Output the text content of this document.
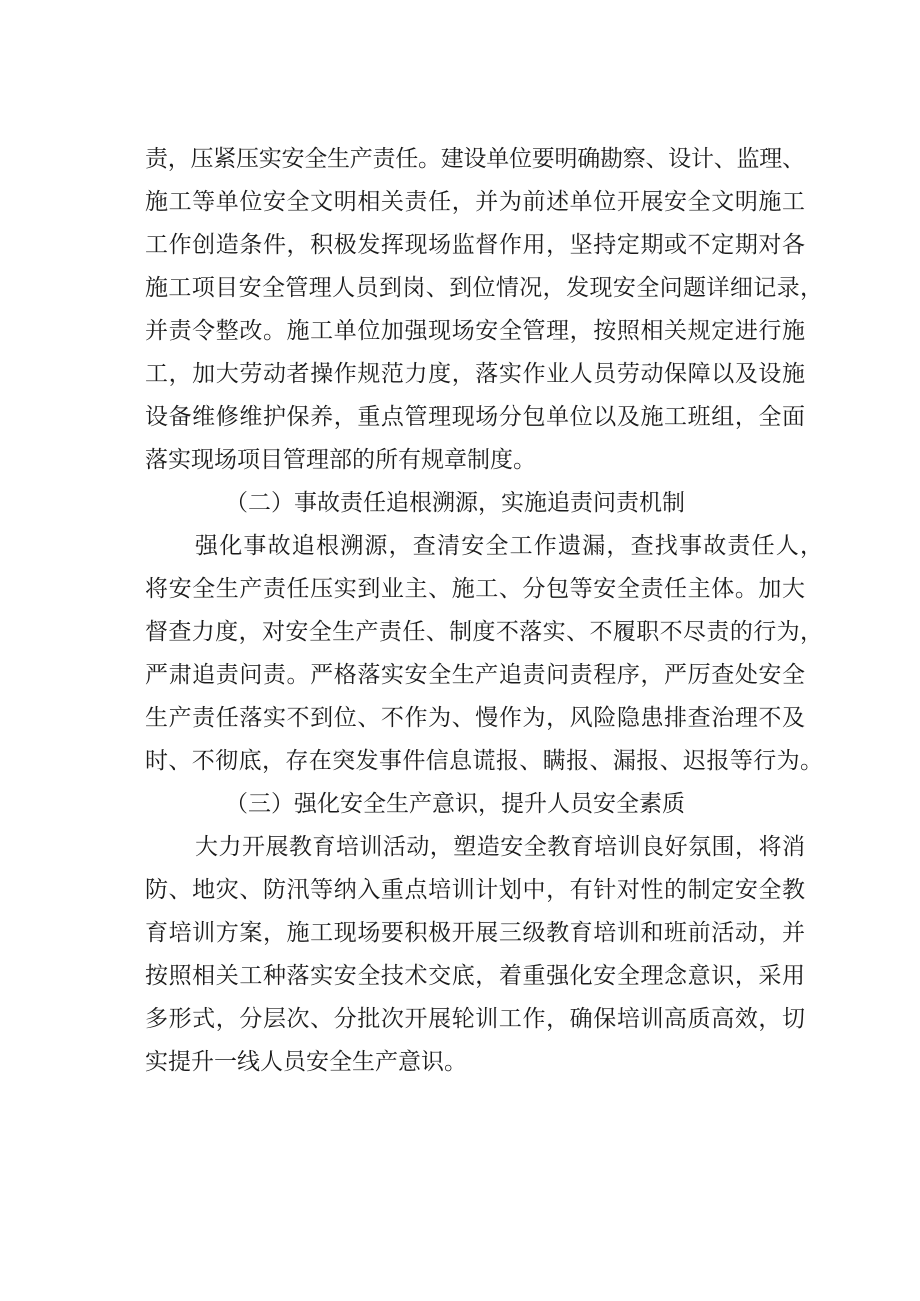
责，压紧压实安全生产责任。建设单位要明确勘察、设计、监理、
施工等单位安全文明相关责任，并为前述单位开展安全文明施工
工作创造条件，积极发挥现场监督作用，坚持定期或不定期对各
施工项目安全管理人员到岗、到位情况，发现安全问题详细记录，
并责令整改。施工单位加强现场安全管理，按照相关规定进行施
工，加大劳动者操作规范力度，落实作业人员劳动保障以及设施
设备维修维护保养，重点管理现场分包单位以及施工班组，全面
落实现场项目管理部的所有规章制度。
（二）事故责任追根溯源，实施追责问责机制
强化事故追根溯源，查清安全工作遗漏，查找事故责任人，
将安全生产责任压实到业主、施工、分包等安全责任主体。加大
督查力度，对安全生产责任、制度不落实、不履职不尽责的行为，
严肃追责问责。严格落实安全生产追责问责程序，严厉查处安全
生产责任落实不到位、不作为、慢作为，风险隐患排查治理不及
时、不彻底，存在突发事件信息谎报、瞒报、漏报、迟报等行为。
（三）强化安全生产意识，提升人员安全素质
大力开展教育培训活动，塑造安全教育培训良好氛围，将消
防、地灾、防汛等纳入重点培训计划中，有针对性的制定安全教
育培训方案，施工现场要积极开展三级教育培训和班前活动，并
按照相关工种落实安全技术交底，着重强化安全理念意识，采用
多形式，分层次、分批次开展轮训工作，确保培训高质高效，切
实提升一线人员安全生产意识。
